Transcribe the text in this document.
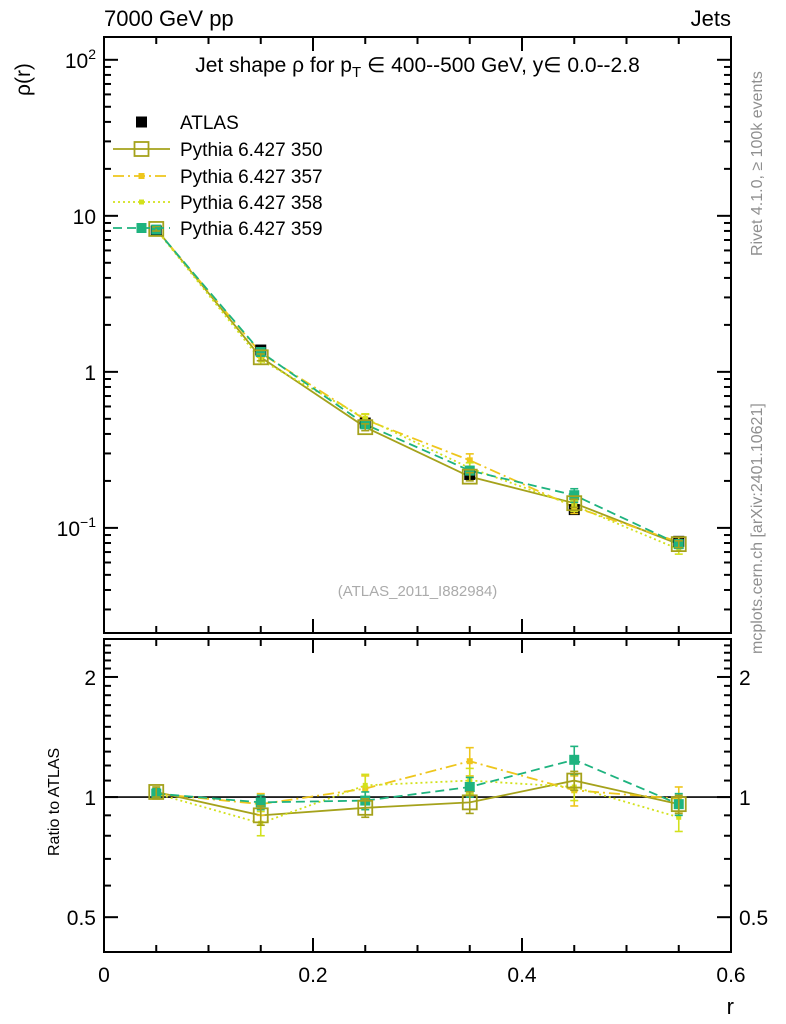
7000 GeV pp	Jets
0	0.2	0.4	0.6
$10^2$
10
1
$10^{-1}$
2	2
1	1
0.5	0.5
ATLAS
Pythia 6.427 350
Pythia 6.427 357
Pythia 6.427 358
Pythia 6.427 359
Jet shape ρ for $p_T$ ∈ 400--500 GeV, y∈ 0.0--2.8
ρ(r)
Ratio to ATLAS
r
(ATLAS_2011_I882984)
Rivet 4.1.0, ≥ 100k events
mcplots.cern.ch [arXiv:2401.10621]
